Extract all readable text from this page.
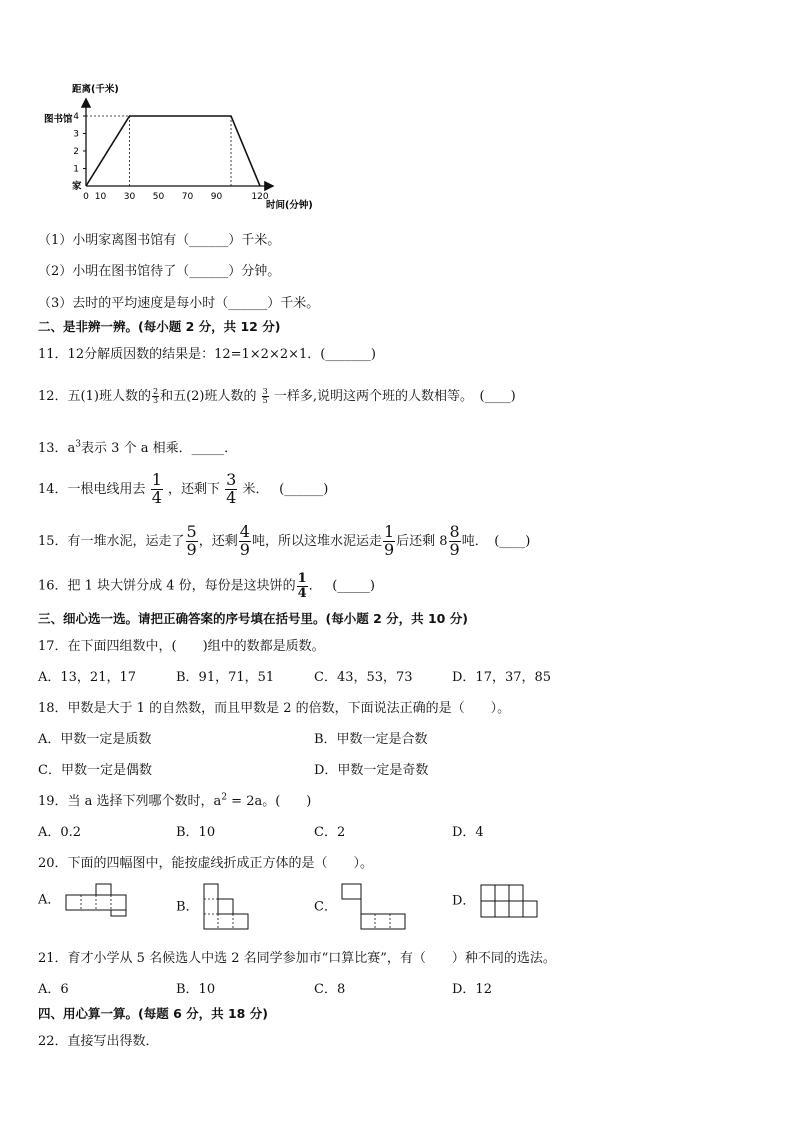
距离(千米)
1
2
3
4
0 10 30 50 70 90	120
图书馆
家
时间(分钟)
（1）小明家离图书馆有（______）千米。
（2）小明在图书馆待了（______）分钟。
（3）去时的平均速度是每小时（______）千米。
二、是非辨一辨。(每小题 2 分，共 12 分)
11．12分解质因数的结果是：12=1×2×2×1．(_______)
12．五(1)班人数的 $\frac{2}{3}$ 和五(2)班人数的 $\frac{3}{5}$ 一样多,说明这两个班的人数相等。　(____)
13．$a^3$表示 3 个 a 相乘．_____．
14．一根电线用去 $\frac{1}{4}$ ，还剩下 $\frac{3}{4}$ 米．　 (______)
15．有一堆水泥，运走了 $\frac{5}{9}$ ，还剩 $\frac{4}{9}$ 吨，所以这堆水泥运走 $\frac{1}{9}$ 后还剩 $8 \frac{8}{9}$ 吨．　(____)
16．把 1 块大饼分成 4 份，每份是这块饼的 $\frac{1}{4}$ ．　 (_____)
三、细心选一选。请把正确答案的序号填在括号里。(每小题 2 分，共 10 分)
17．在下面四组数中，(　　)组中的数都是质数。
A．13，21，17	B．91，71，51	C．43，53，73	D．17，37，85
18．甲数是大于 1 的自然数，而且甲数是 2 的倍数，下面说法正确的是（　　）。
A．甲数一定是质数	B．甲数一定是合数
C．甲数一定是偶数	D．甲数一定是奇数
19．当 a 选择下列哪个数时，$a^2 = 2a$。(　　)
A．0.2	B．10	C．2	D．4
20．下面的四幅图中，能按虚线折成正方体的是（　　）。
A．	B．	C．	D．
21．育才小学从 5 名候选人中选 2 名同学参加市“口算比赛”，有（　　）种不同的选法。
A．6	B．10	C．8	D．12
四、用心算一算。(每题 6 分，共 18 分)
22．直接写出得数．
